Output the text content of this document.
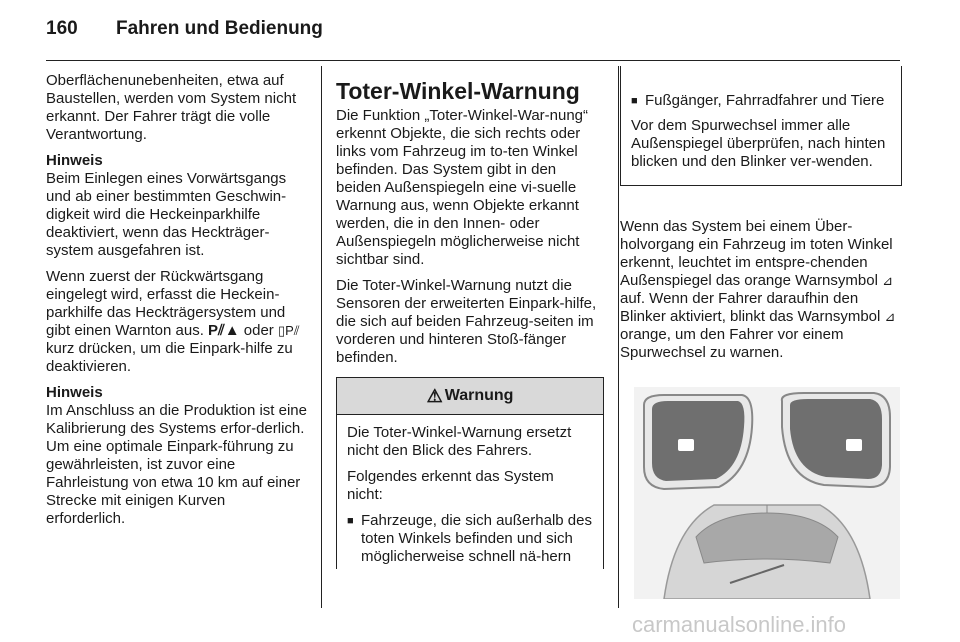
160 Fahren und Bedienung

Oberflächenunebenheiten, etwa auf Baustellen, werden vom System nicht erkannt. Der Fahrer trägt die volle Verantwortung.

Hinweis

Beim Einlegen eines Vorwärtsgangs und ab einer bestimmten Geschwin-digkeit wird die Heckeinparkhilfe deaktiviert, wenn das Heckträger-system ausgefahren ist.

Wenn zuerst der Rückwärtsgang eingelegt wird, erfasst die Heckein-parkhilfe das Heckträgersystem und gibt einen Warnton aus. P⫽▲ oder ▯P⫽ kurz drücken, um die Einpark-hilfe zu deaktivieren.

Hinweis

Im Anschluss an die Produktion ist eine Kalibrierung des Systems erfor-derlich. Um eine optimale Einpark-führung zu gewährleisten, ist zuvor eine Fahrleistung von etwa 10 km auf einer Strecke mit einigen Kurven erforderlich.

Toter-Winkel-Warnung

Die Funktion „Toter-Winkel-War-nung“ erkennt Objekte, die sich rechts oder links vom Fahrzeug im to-ten Winkel befinden. Das System gibt in den beiden Außenspiegeln eine vi-suelle Warnung aus, wenn Objekte erkannt werden, die in den Innen- oder Außenspiegeln möglicherweise nicht sichtbar sind.

Die Toter-Winkel-Warnung nutzt die Sensoren der erweiterten Einpark-hilfe, die sich auf beiden Fahrzeug-seiten im vorderen und hinteren Stoß-fänger befinden.

⚠ Warnung

Die Toter-Winkel-Warnung ersetzt nicht den Blick des Fahrers.

Folgendes erkennt das System nicht:

■ Fahrzeuge, die sich außerhalb des toten Winkels befinden und sich möglicherweise schnell nä-hern
■ Fußgänger, Fahrradfahrer und Tiere

Vor dem Spurwechsel immer alle Außenspiegel überprüfen, nach hinten blicken und den Blinker ver-wenden.

Wenn das System bei einem Über-holvorgang ein Fahrzeug im toten Winkel erkennt, leuchtet im entspre-chenden Außenspiegel das orange Warnsymbol ⊿ auf. Wenn der Fahrer daraufhin den Blinker aktiviert, blinkt das Warnsymbol ⊿ orange, um den Fahrer vor einem Spurwechsel zu warnen.

carmanualsonline.info
